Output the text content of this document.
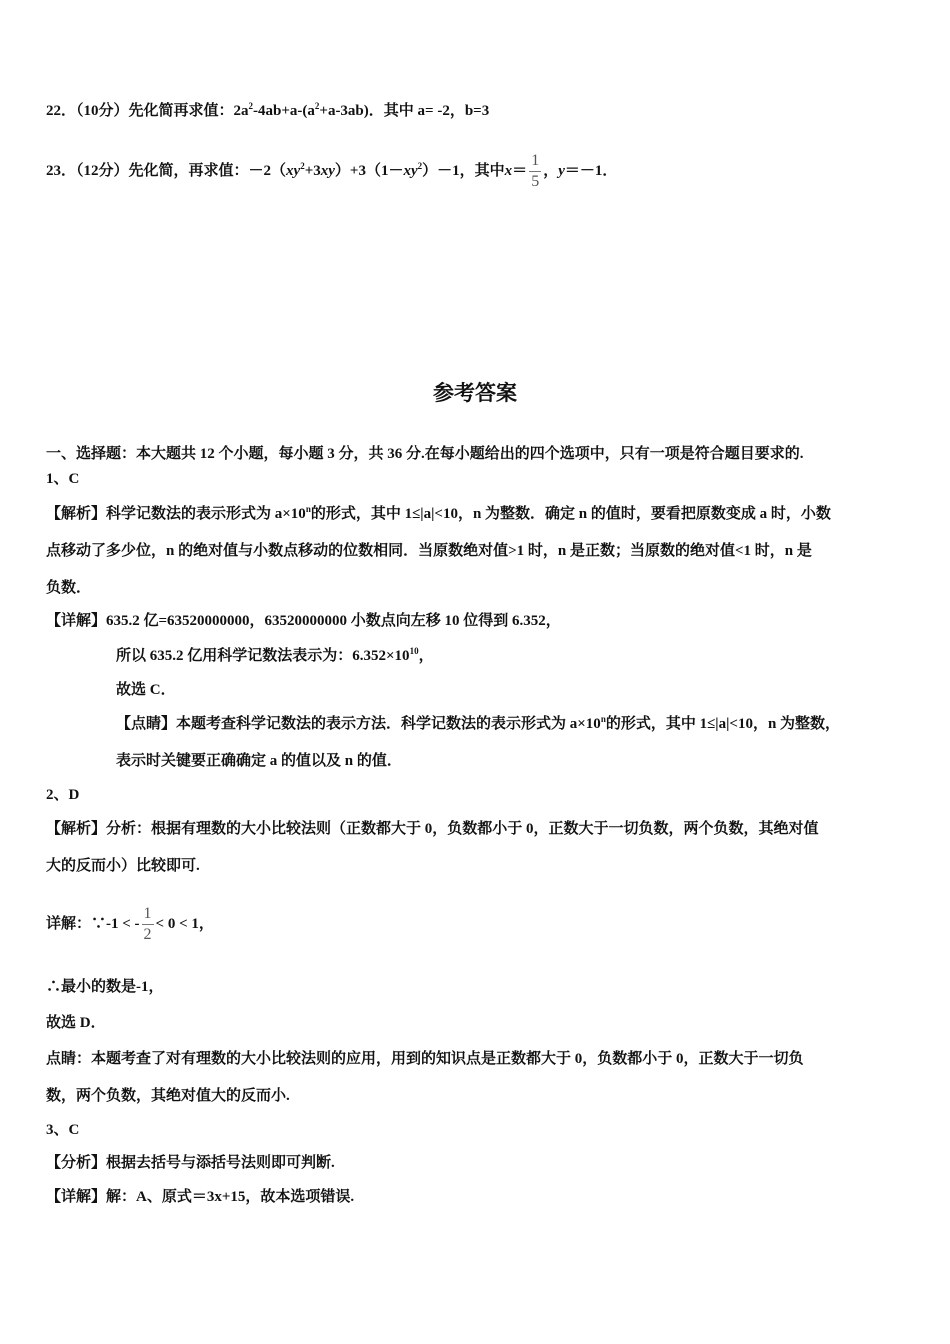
22．（10分）先化简再求值：$2a^2-4ab+a-(a^2+a-3ab)$．其中 a= -2，b=3
23．（12分）先化简，再求值：$-2(xy^2+3xy)+3(1-xy^2)-1$，其中$x= \frac{1}{5}$ ，y＝－1．
参考答案
一、选择题：本大题共 12 个小题，每小题 3 分，共 36 分.在每小题给出的四个选项中，只有一项是符合题目要求的.
1、C
【解析】科学记数法的表示形式为 $a\times 10^n$的形式，其中 1≤|a|<10，n 为整数．确定 n 的值时，要看把原数变成 a 时，小数
点移动了多少位，n 的绝对值与小数点移动的位数相同．当原数绝对值>1 时，n 是正数；当原数的绝对值<1 时，n 是
负数．
【详解】635.2 亿=63520000000，63520000000 小数点向左移 10 位得到 6.352，
所以 635.2 亿用科学记数法表示为：$6.352\times 10^{10}$，
故选 C．
【点睛】本题考查科学记数法的表示方法．科学记数法的表示形式为 $a\times 10^n$的形式，其中 1≤|a|<10，n 为整数，
表示时关键要正确确定 a 的值以及 n 的值．
2、D
【解析】分析：根据有理数的大小比较法则（正数都大于 0，负数都小于 0，正数大于一切负数，两个负数，其绝对值
大的反而小）比较即可.
详解：∵-1 < - $\frac{1}{2} < 0 < 1$，
∴最小的数是-1，
故选 D．
点睛：本题考查了对有理数的大小比较法则的应用，用到的知识点是正数都大于 0，负数都小于 0，正数大于一切负
数，两个负数，其绝对值大的反而小.
3、C
【分析】根据去括号与添括号法则即可判断.
【详解】解：A、原式＝3x+15，故本选项错误.
